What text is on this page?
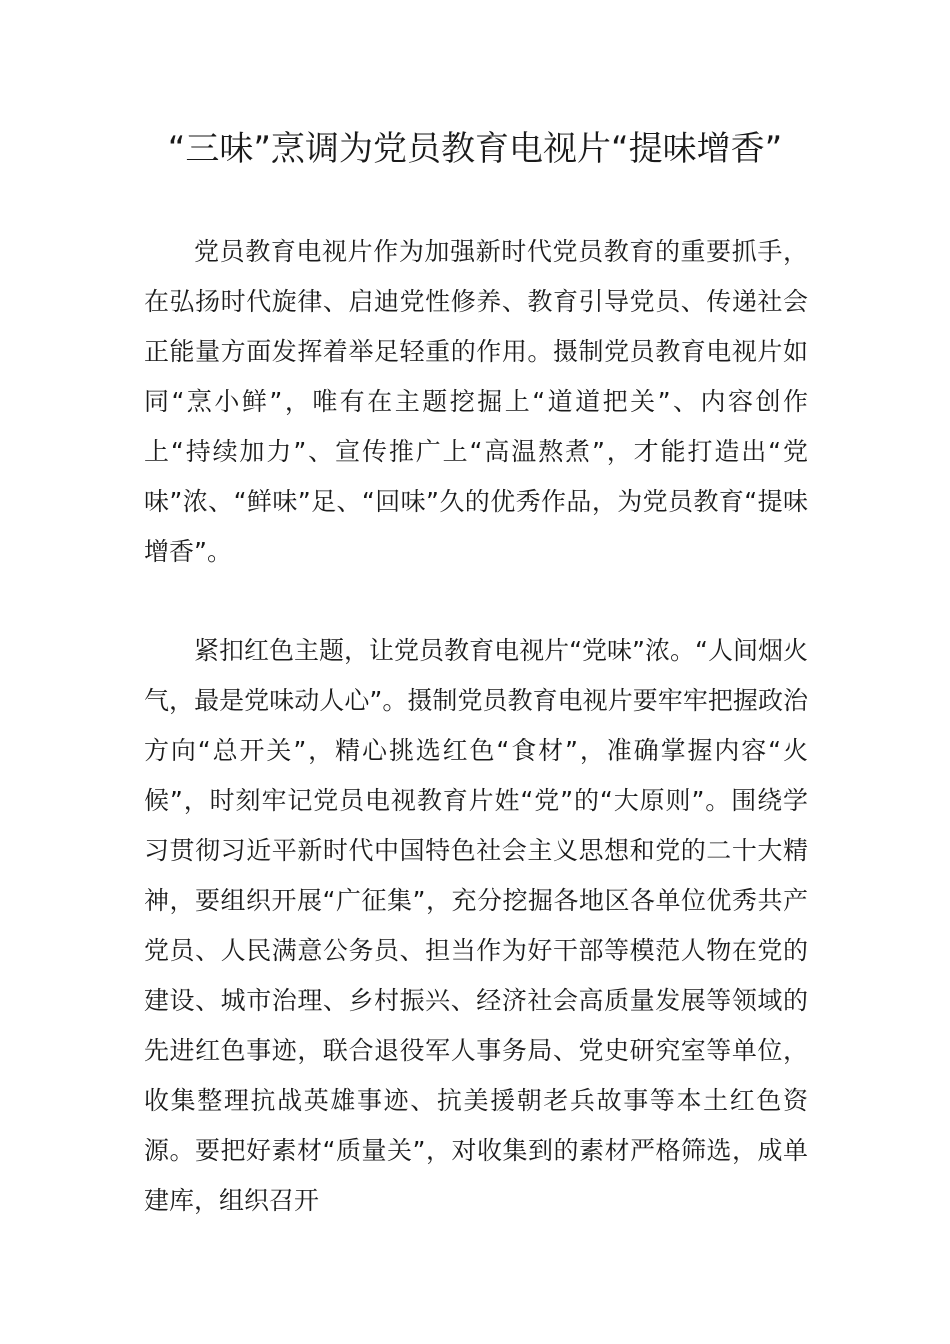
“三味”烹调为党员教育电视片“提味增香”

党员教育电视片作为加强新时代党员教育的重要抓手，在弘扬时代旋律、启迪党性修养、教育引导党员、传递社会正能量方面发挥着举足轻重的作用。摄制党员教育电视片如同“烹小鲜”，唯有在主题挖掘上“道道把关”、内容创作上“持续加力”、宣传推广上“高温熬煮”，才能打造出“党味”浓、“鲜味”足、“回味”久的优秀作品，为党员教育“提味增香”。

紧扣红色主题，让党员教育电视片“党味”浓。“人间烟火气，最是党味动人心”。摄制党员教育电视片要牢牢把握政治方向“总开关”，精心挑选红色“食材”，准确掌握内容“火候”，时刻牢记党员电视教育片姓“党”的“大原则”。围绕学习贯彻习近平新时代中国特色社会主义思想和党的二十大精神，要组织开展“广征集”，充分挖掘各地区各单位优秀共产党员、人民满意公务员、担当作为好干部等模范人物在党的建设、城市治理、乡村振兴、经济社会高质量发展等领域的先进红色事迹，联合退役军人事务局、党史研究室等单位，收集整理抗战英雄事迹、抗美援朝老兵故事等本土红色资源。要把好素材“质量关”，对收集到的素材严格筛选，成单建库，组织召开
